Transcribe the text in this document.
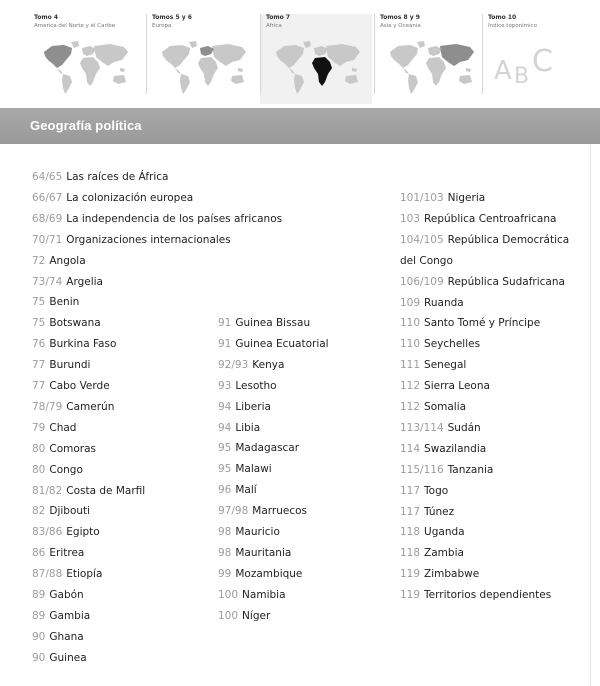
Tomo 4
America del Norte y el Caribe
Tomos 5 y 6
Europa
Tomo 7
Africa
Tomos 8 y 9
Asia y Oceania
Tomo 10
Indice toponimico
A B C
Geografía política
64/65 Las raíces de África
66/67 La colonización europea
68/69 La independencia de los países africanos
70/71 Organizaciones internacionales
72 Angola
73/74 Argelia
75 Benin
75 Botswana
76 Burkina Faso
77 Burundi
77 Cabo Verde
78/79 Camerún
79 Chad
80 Comoras
80 Congo
81/82 Costa de Marfil
82 Djibouti
83/86 Egipto
86 Eritrea
87/88 Etiopía
89 Gabón
89 Gambia
90 Ghana
90 Guinea
91 Guinea Bissau
91 Guinea Ecuatorial
92/93 Kenya
93 Lesotho
94 Liberia
94 Libia
95 Madagascar
95 Malawi
96 Malí
97/98 Marruecos
98 Mauricio
98 Mauritania
99 Mozambique
100 Namibia
100 Níger
101/103 Nigeria
103 República Centroafricana
104/105 República Democrática
del Congo
106/109 República Sudafricana
109 Ruanda
110 Santo Tomé y Príncipe
110 Seychelles
111 Senegal
112 Sierra Leona
112 Somalia
113/114 Sudán
114 Swazilandia
115/116 Tanzania
117 Togo
117 Túnez
118 Uganda
118 Zambia
119 Zimbabwe
119 Territorios dependientes
